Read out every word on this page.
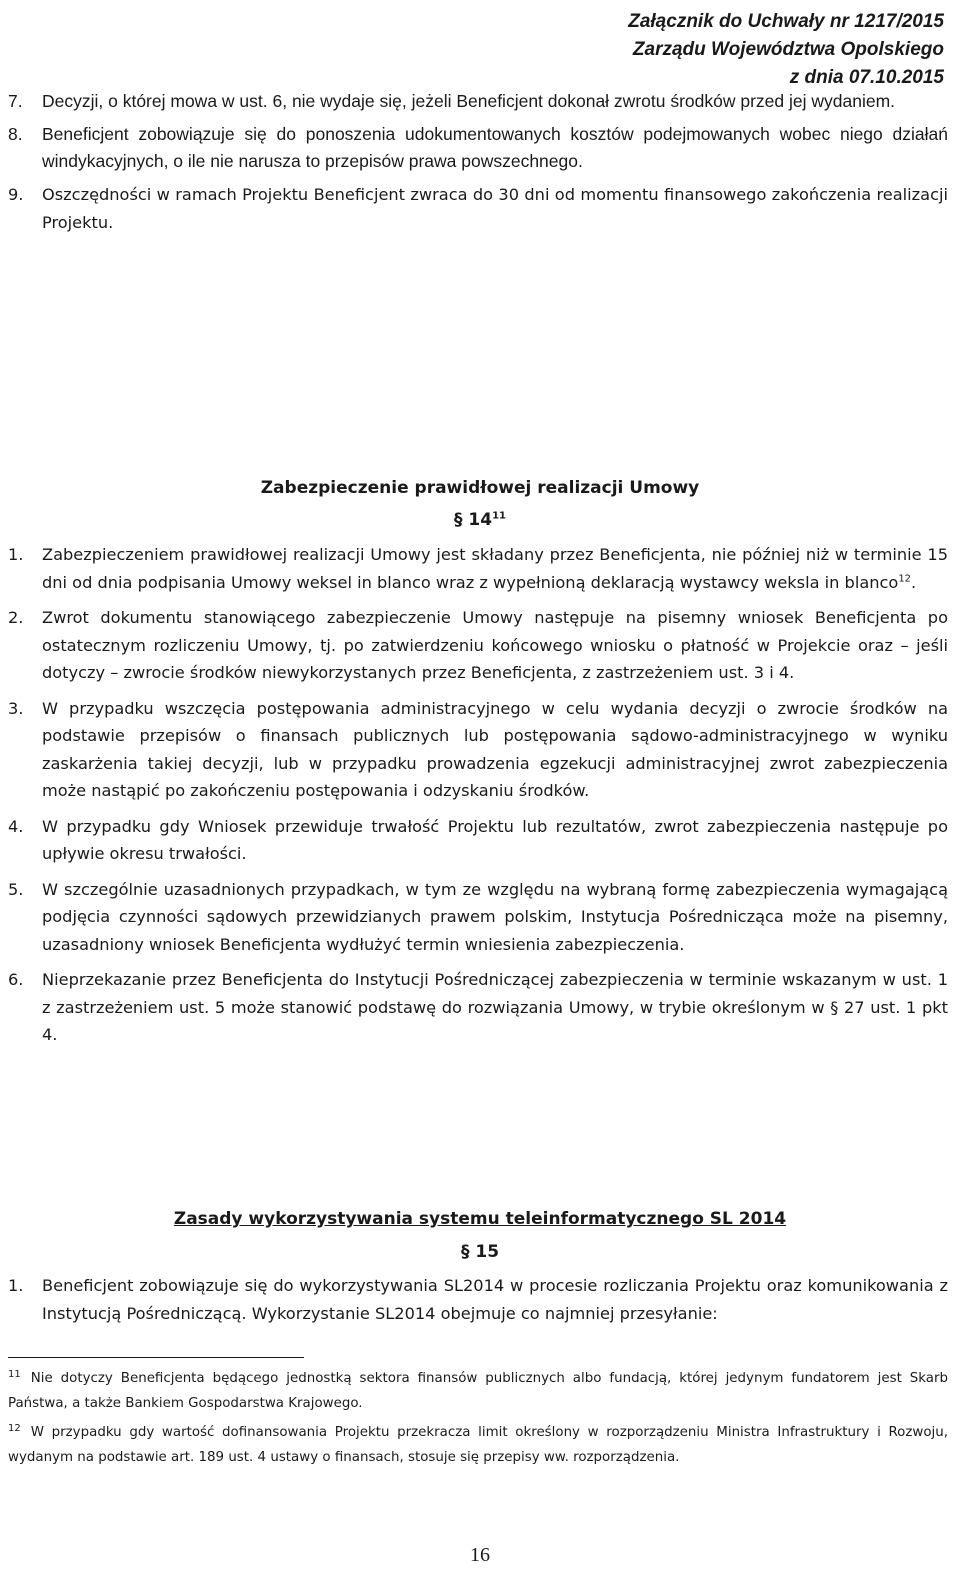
Załącznik do Uchwały nr 1217/2015
Zarządu Województwa Opolskiego
z dnia 07.10.2015
7. Decyzji, o której mowa w ust. 6, nie wydaje się, jeżeli Beneficjent dokonał zwrotu środków przed jej wydaniem.
8. Beneficjent zobowiązuje się do ponoszenia udokumentowanych kosztów podejmowanych wobec niego działań windykacyjnych, o ile nie narusza to przepisów prawa powszechnego.
9. Oszczędności w ramach Projektu Beneficjent zwraca do 30 dni od momentu finansowego zakończenia realizacji Projektu.
Zabezpieczenie prawidłowej realizacji Umowy
§ $14^{11}$
1. Zabezpieczeniem prawidłowej realizacji Umowy jest składany przez Beneficjenta, nie później niż w terminie 15 dni od dnia podpisania Umowy weksel in blanco wraz z wypełnioną deklaracją wystawcy weksla in blanco$^{12}$.
2. Zwrot dokumentu stanowiącego zabezpieczenie Umowy następuje na pisemny wniosek Beneficjenta po ostatecznym rozliczeniu Umowy, tj. po zatwierdzeniu końcowego wniosku o płatność w Projekcie oraz – jeśli dotyczy – zwrocie środków niewykorzystanych przez Beneficjenta, z zastrzeżeniem ust. 3 i 4.
3. W przypadku wszczęcia postępowania administracyjnego w celu wydania decyzji o zwrocie środków na podstawie przepisów o finansach publicznych lub postępowania sądowo-administracyjnego w wyniku zaskarżenia takiej decyzji, lub w przypadku prowadzenia egzekucji administracyjnej zwrot zabezpieczenia może nastąpić po zakończeniu postępowania i odzyskaniu środków.
4. W przypadku gdy Wniosek przewiduje trwałość Projektu lub rezultatów, zwrot zabezpieczenia następuje po upływie okresu trwałości.
5. W szczególnie uzasadnionych przypadkach, w tym ze względu na wybraną formę zabezpieczenia wymagającą podjęcia czynności sądowych przewidzianych prawem polskim, Instytucja Pośrednicząca może na pisemny, uzasadniony wniosek Beneficjenta wydłużyć termin wniesienia zabezpieczenia.
6. Nieprzekazanie przez Beneficjenta do Instytucji Pośredniczącej zabezpieczenia w terminie wskazanym w ust. 1 z zastrzeżeniem ust. 5 może stanowić podstawę do rozwiązania Umowy, w trybie określonym w § 27 ust. 1 pkt 4.
Zasady wykorzystywania systemu teleinformatycznego SL 2014
§ 15
1. Beneficjent zobowiązuje się do wykorzystywania SL2014 w procesie rozliczania Projektu oraz komunikowania z Instytucją Pośredniczącą. Wykorzystanie SL2014 obejmuje co najmniej przesyłanie:
$^{11}$ Nie dotyczy Beneficjenta będącego jednostką sektora finansów publicznych albo fundacją, której jedynym fundatorem jest Skarb Państwa, a także Bankiem Gospodarstwa Krajowego.
$^{12}$ W przypadku gdy wartość dofinansowania Projektu przekracza limit określony w rozporządzeniu Ministra Infrastruktury i Rozwoju, wydanym na podstawie art. 189 ust. 4 ustawy o finansach, stosuje się przepisy ww. rozporządzenia.
16
